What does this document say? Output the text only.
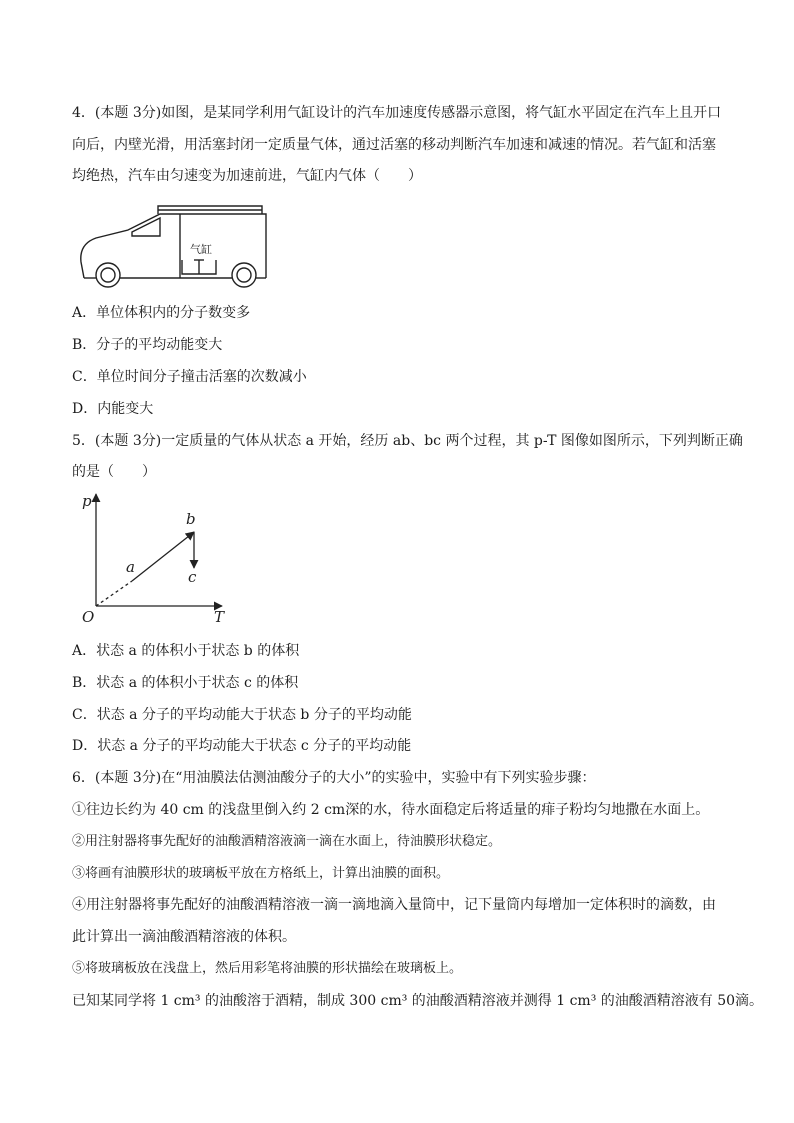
4．(本题 3分)如图，是某同学利用气缸设计的汽车加速度传感器示意图，将气缸水平固定在汽车上且开口
向后，内壁光滑，用活塞封闭一定质量气体，通过活塞的移动判断汽车加速和减速的情况。若气缸和活塞
均绝热，汽车由匀速变为加速前进，气缸内气体（　　）
气缸
A．单位体积内的分子数变多
B．分子的平均动能变大
C．单位时间分子撞击活塞的次数减小
D．内能变大
5．(本题 3分)一定质量的气体从状态 a 开始，经历 ab、bc 两个过程，其 p-T 图像如图所示，下列判断正确
的是（　　）
p
T
O
a
b
c
A．状态 a 的体积小于状态 b 的体积
B．状态 a 的体积小于状态 c 的体积
C．状态 a 分子的平均动能大于状态 b 分子的平均动能
D．状态 a 分子的平均动能大于状态 c 分子的平均动能
6．(本题 3分)在“用油膜法估测油酸分子的大小”的实验中，实验中有下列实验步骤：
①往边长约为 40 cm 的浅盘里倒入约 2 cm深的水，待水面稳定后将适量的痱子粉均匀地撒在水面上。
②用注射器将事先配好的油酸酒精溶液滴一滴在水面上，待油膜形状稳定。
③将画有油膜形状的玻璃板平放在方格纸上，计算出油膜的面积。
④用注射器将事先配好的油酸酒精溶液一滴一滴地滴入量筒中，记下量筒内每增加一定体积时的滴数，由
此计算出一滴油酸酒精溶液的体积。
⑤将玻璃板放在浅盘上，然后用彩笔将油膜的形状描绘在玻璃板上。
已知某同学将 1 cm³ 的油酸溶于酒精，制成 300 cm³ 的油酸酒精溶液并测得 1 cm³ 的油酸酒精溶液有 50滴。
